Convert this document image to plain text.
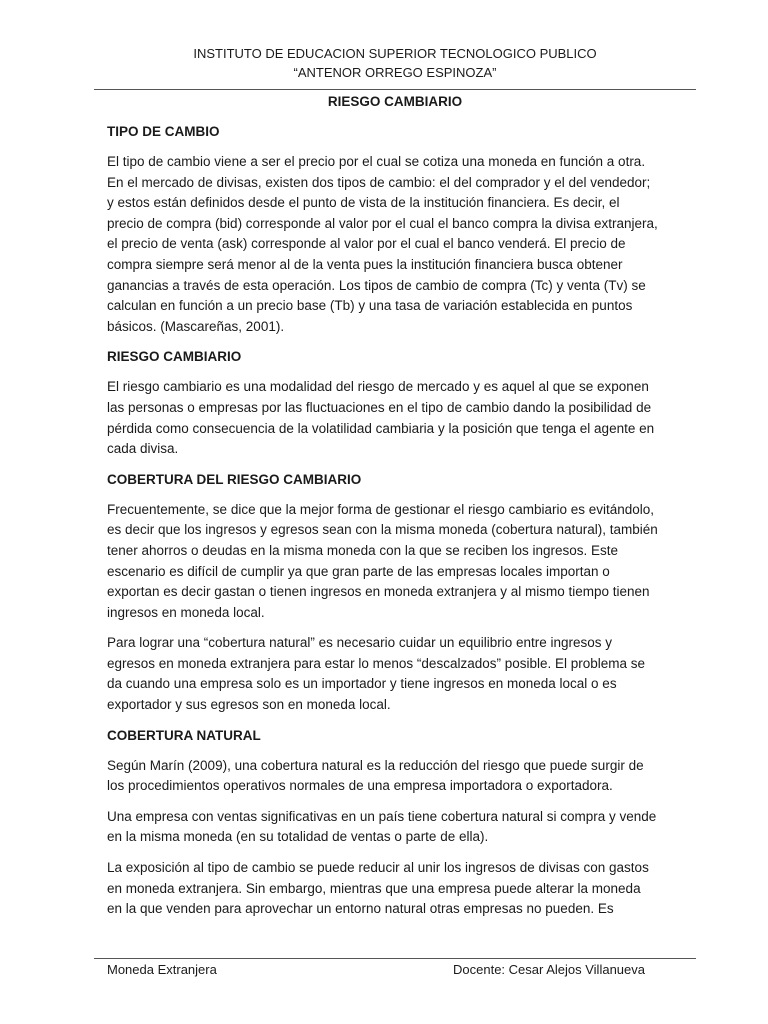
INSTITUTO DE EDUCACION SUPERIOR TECNOLOGICO PUBLICO
“ANTENOR ORREGO ESPINOZA”
RIESGO CAMBIARIO
TIPO DE CAMBIO

El tipo de cambio viene a ser el precio por el cual se cotiza una moneda en función a otra. En el mercado de divisas, existen dos tipos de cambio: el del comprador y el del vendedor; y estos están definidos desde el punto de vista de la institución financiera. Es decir, el precio de compra (bid) corresponde al valor por el cual el banco compra la divisa extranjera, el precio de venta (ask) corresponde al valor por el cual el banco venderá. El precio de compra siempre será menor al de la venta pues la institución financiera busca obtener ganancias a través de esta operación. Los tipos de cambio de compra (Tc) y venta (Tv) se calculan en función a un precio base (Tb) y una tasa de variación establecida en puntos básicos. (Mascareñas, 2001).

RIESGO CAMBIARIO

El riesgo cambiario es una modalidad del riesgo de mercado y es aquel al que se exponen las personas o empresas por las fluctuaciones en el tipo de cambio dando la posibilidad de pérdida como consecuencia de la volatilidad cambiaria y la posición que tenga el agente en cada divisa.

COBERTURA DEL RIESGO CAMBIARIO

Frecuentemente, se dice que la mejor forma de gestionar el riesgo cambiario es evitándolo, es decir que los ingresos y egresos sean con la misma moneda (cobertura natural), también tener ahorros o deudas en la misma moneda con la que se reciben los ingresos. Este escenario es difícil de cumplir ya que gran parte de las empresas locales importan o exportan es decir gastan o tienen ingresos en moneda extranjera y al mismo tiempo tienen ingresos en moneda local.

Para lograr una “cobertura natural” es necesario cuidar un equilibrio entre ingresos y egresos en moneda extranjera para estar lo menos “descalzados” posible. El problema se da cuando una empresa solo es un importador y tiene ingresos en moneda local o es exportador y sus egresos son en moneda local.

COBERTURA NATURAL

Según Marín (2009), una cobertura natural es la reducción del riesgo que puede surgir de los procedimientos operativos normales de una empresa importadora o exportadora.

Una empresa con ventas significativas en un país tiene cobertura natural si compra y vende en la misma moneda (en su totalidad de ventas o parte de ella).

La exposición al tipo de cambio se puede reducir al unir los ingresos de divisas con gastos en moneda extranjera. Sin embargo, mientras que una empresa puede alterar la moneda en la que venden para aprovechar un entorno natural otras empresas no pueden. Es

Moneda Extranjera	Docente: Cesar Alejos Villanueva
